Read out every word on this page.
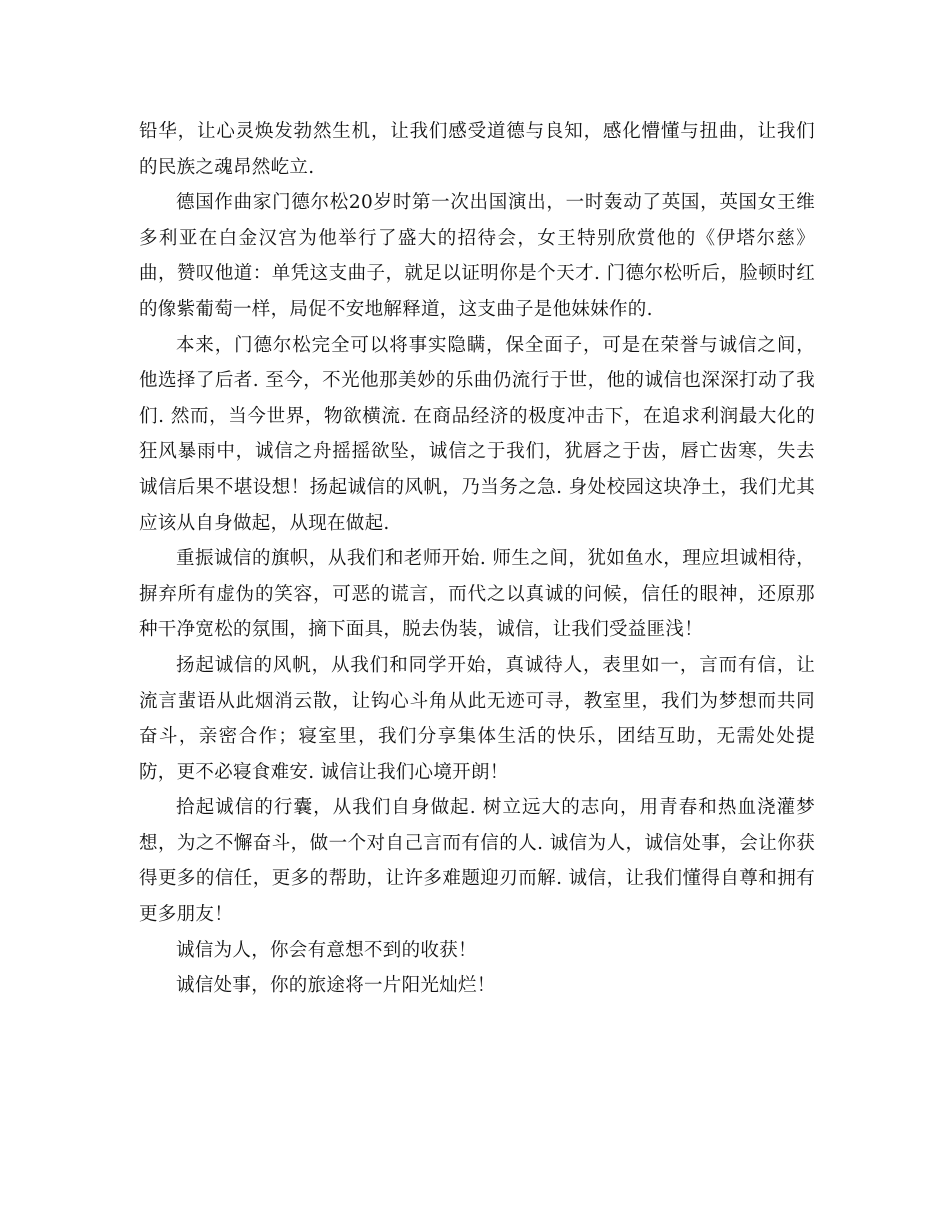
铅华，让心灵焕发勃然生机，让我们感受道德与良知，感化懵懂与扭曲，让我们的民族之魂昂然屹立.

德国作曲家门德尔松20岁时第一次出国演出，一时轰动了英国，英国女王维多利亚在白金汉宫为他举行了盛大的招待会，女王特别欣赏他的《伊塔尔慈》曲，赞叹他道：单凭这支曲子，就足以证明你是个天才. 门德尔松听后，脸顿时红的像紫葡萄一样，局促不安地解释道，这支曲子是他妹妹作的.

本来，门德尔松完全可以将事实隐瞒，保全面子，可是在荣誉与诚信之间，他选择了后者. 至今，不光他那美妙的乐曲仍流行于世，他的诚信也深深打动了我们. 然而，当今世界，物欲横流. 在商品经济的极度冲击下，在追求利润最大化的狂风暴雨中，诚信之舟摇摇欲坠，诚信之于我们，犹唇之于齿，唇亡齿寒，失去诚信后果不堪设想！扬起诚信的风帆，乃当务之急. 身处校园这块净土，我们尤其应该从自身做起，从现在做起.

重振诚信的旗帜，从我们和老师开始. 师生之间，犹如鱼水，理应坦诚相待，摒弃所有虚伪的笑容，可恶的谎言，而代之以真诚的问候，信任的眼神，还原那种干净宽松的氛围，摘下面具，脱去伪装，诚信，让我们受益匪浅！

扬起诚信的风帆，从我们和同学开始，真诚待人，表里如一，言而有信，让流言蜚语从此烟消云散，让钩心斗角从此无迹可寻，教室里，我们为梦想而共同奋斗，亲密合作；寝室里，我们分享集体生活的快乐，团结互助，无需处处提防，更不必寝食难安. 诚信让我们心境开朗！

拾起诚信的行囊，从我们自身做起. 树立远大的志向，用青春和热血浇灌梦想，为之不懈奋斗，做一个对自己言而有信的人. 诚信为人，诚信处事，会让你获得更多的信任，更多的帮助，让许多难题迎刃而解. 诚信，让我们懂得自尊和拥有更多朋友！

诚信为人，你会有意想不到的收获！

诚信处事，你的旅途将一片阳光灿烂！
